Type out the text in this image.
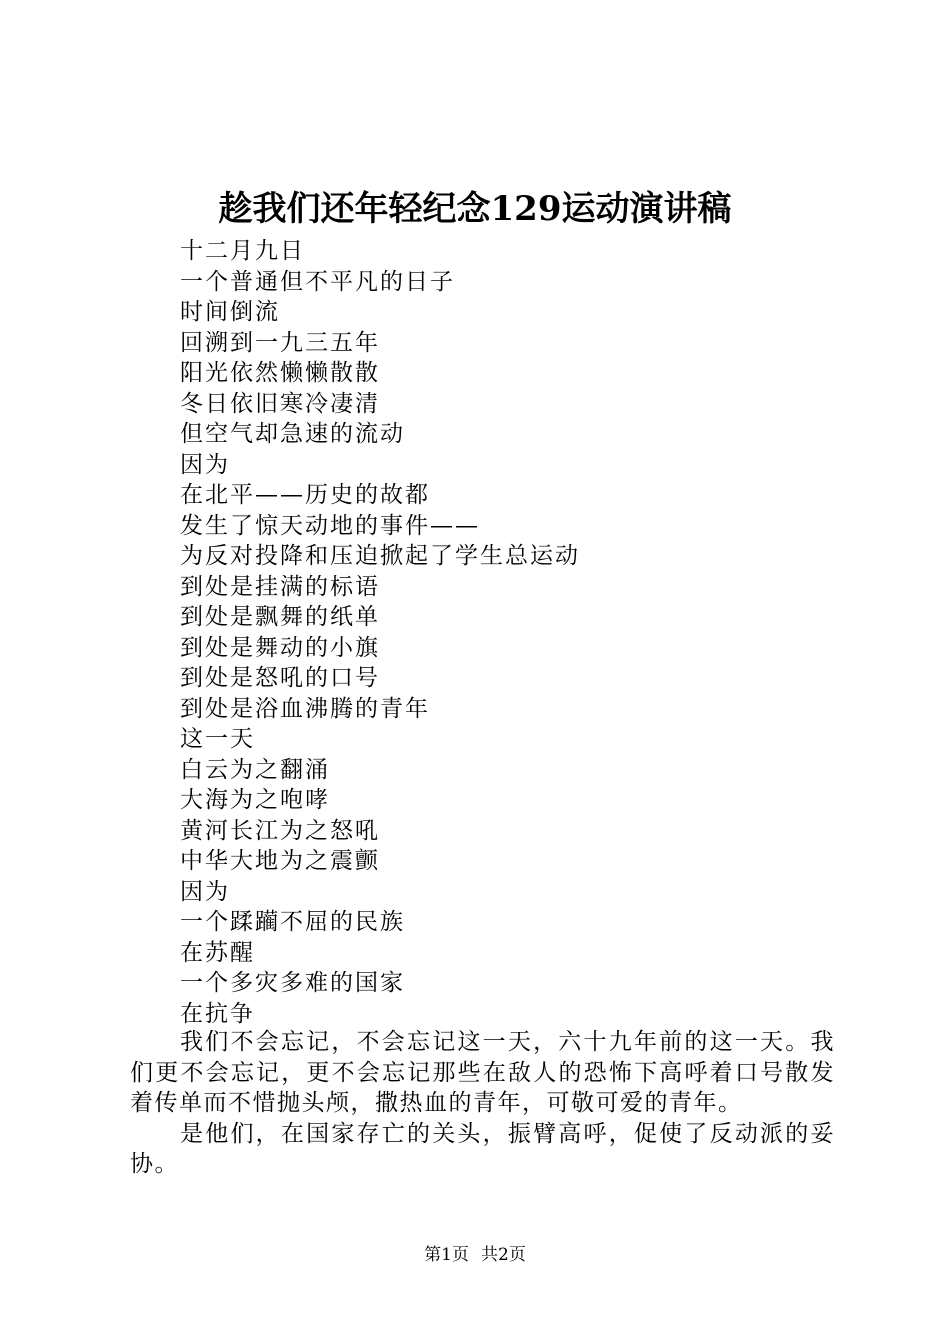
趁我们还年轻纪念129运动演讲稿
十二月九日
一个普通但不平凡的日子
时间倒流
回溯到一九三五年
阳光依然懒懒散散
冬日依旧寒冷凄清
但空气却急速的流动
因为
在北平——历史的故都
发生了惊天动地的事件——
为反对投降和压迫掀起了学生总运动
到处是挂满的标语
到处是飘舞的纸单
到处是舞动的小旗
到处是怒吼的口号
到处是浴血沸腾的青年
这一天
白云为之翻涌
大海为之咆哮
黄河长江为之怒吼
中华大地为之震颤
因为
一个蹂躏不屈的民族
在苏醒
一个多灾多难的国家
在抗争

我们不会忘记，不会忘记这一天，六十九年前的这一天。我们更不会忘记，更不会忘记那些在敌人的恐怖下高呼着口号散发着传单而不惜抛头颅，撒热血的青年，可敬可爱的青年。

是他们，在国家存亡的关头，振臂高呼，促使了反动派的妥协。

第1页 共2页
